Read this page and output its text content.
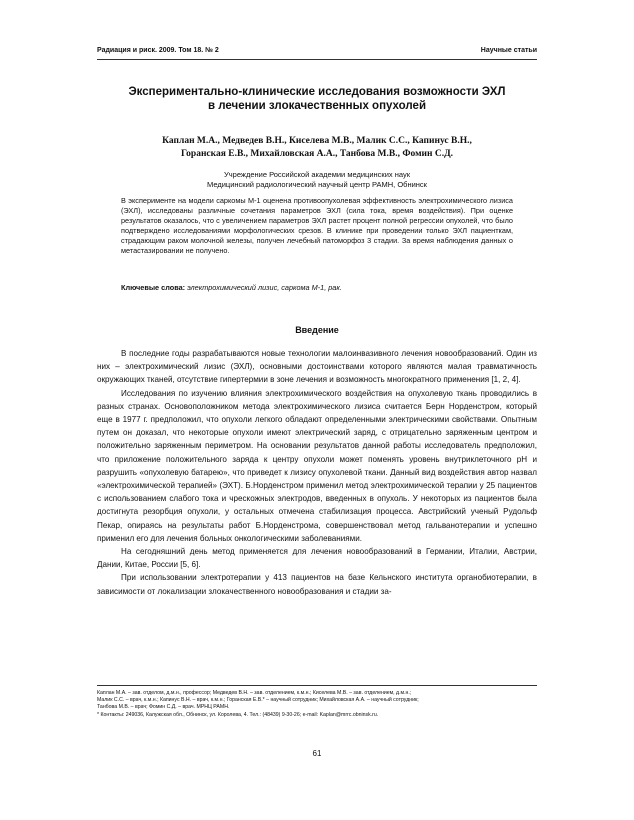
Радиация и риск. 2009. Том 18. № 2	Научные статьи
Экспериментально-клинические исследования возможности ЭХЛ
в лечении злокачественных опухолей
Каплан М.А., Медведев В.Н., Киселева М.В., Малик С.С., Капинус В.Н.,
Горанская Е.В., Михайловская А.А., Танбова М.В., Фомин С.Д.
Учреждение Российской академии медицинских наук
Медицинский радиологический научный центр РАМН, Обнинск
В эксперименте на модели саркомы М-1 оценена противоопухолевая эффективность электрохимического лизиса (ЭХЛ), исследованы различные сочетания параметров ЭХЛ (сила тока, время воздействия). При оценке результатов оказалось, что с увеличением параметров ЭХЛ растет процент полной регрессии опухолей, что было подтверждено исследованиями морфологических срезов. В клинике при проведении только ЭХЛ пациенткам, страдающим раком молочной железы, получен лечебный патоморфоз 3 стадии. За время наблюдения данных о метастазировании не получено.
Ключевые слова: электрохимический лизис, саркома М-1, рак.
Введение

В последние годы разрабатываются новые технологии малоинвазивного лечения новообразований. Один из них – электрохимический лизис (ЭХЛ), основными достоинствами которого являются малая травматичность окружающих тканей, отсутствие гипертермии в зоне лечения и возможность многократного применения [1, 2, 4].

Исследования по изучению влияния электрохимического воздействия на опухолевую ткань проводились в разных странах. Основоположником метода электрохимического лизиса считается Берн Норденстром, который еще в 1977 г. предположил, что опухоли легкого обладают определенными электрическими свойствами. Опытным путем он доказал, что некоторые опухоли имеют электрический заряд, с отрицательно заряженным центром и положительно заряженным периметром. На основании результатов данной работы исследователь предположил, что приложение положительного заряда к центру опухоли может поменять уровень внутриклеточного рН и разрушить «опухолевую батарею», что приведет к лизису опухолевой ткани. Данный вид воздействия автор назвал «электрохимической терапией» (ЭХТ). Б.Норденстром применил метод электрохимической терапии у 25 пациентов с использованием слабого тока и чрескожных электродов, введенных в опухоль. У некоторых из пациентов была достигнута резорбция опухоли, у остальных отмечена стабилизация процесса. Австрийский ученый Рудольф Пекар, опираясь на результаты работ Б.Норденстрома, совершенствовал метод гальванотерапии и успешно применил его для лечения больных онкологическими заболеваниями.

На сегодняшний день метод применяется для лечения новообразований в Германии, Италии, Австрии, Дании, Китае, России [5, 6].

При использовании электротерапии у 413 пациентов на базе Кельнского института органобиотерапии, в зависимости от локализации злокачественного новообразования и стадии за-

Каплан М.А. – зав. отделом, д.м.н., профессор; Медведев В.Н. – зав. отделением, к.м.н.; Киселева М.В. – зав. отделением, д.м.н.;

Малик С.С. – врач, к.м.н.; Капинус В.Н. – врач, к.м.н.; Горанская Е.В.* – научный сотрудник; Михайловская А.А. – научный сотрудник;

Танбова М.В. – врач; Фомин С.Д. – врач. МРНЦ РАМН.

* Контакты: 249036, Калужская обл., Обнинск, ул. Королева, 4. Тел.: (48439) 9-30-26; e-mail: Kaplan@mrrc.obninsk.ru.

61
